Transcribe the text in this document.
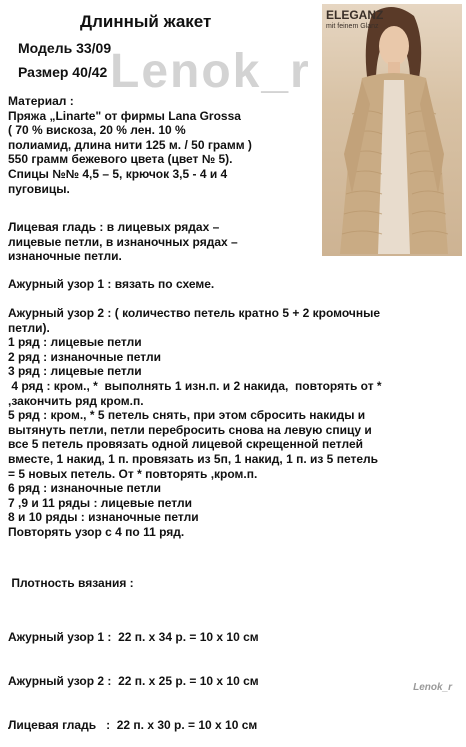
Lenok_r
Длинный жакет
Модель 33/09
Размер 40/42
ELEGANZ
mit feinem Glanz
Материал :
Пряжа „Linarte" от фирмы Lana Grossa
( 70 % вискоза, 20 % лен. 10 %
полиамид, длина нити 125 м. / 50 грамм )
550 грамм бежевого цвета (цвет № 5).
Спицы №№ 4,5 – 5, крючок 3,5 - 4 и 4
пуговицы.
Лицевая гладь : в лицевых рядах –
лицевые петли, в изнаночных рядах –
изнаночные петли.
Ажурный узор 1 : вязать по схеме.
Ажурный узор 2 : ( количество петель кратно 5 + 2 кромочные
петли).
1 ряд : лицевые петли
2 ряд : изнаночные петли
3 ряд : лицевые петли
4 ряд : кром., *  выполнять 1 изн.п. и 2 накида,  повторять от *
,закончить ряд кром.п.
5 ряд : кром., * 5 петель снять, при этом сбросить накиды и
вытянуть петли, петли перебросить снова на левую спицу и
все 5 петель провязать одной лицевой скрещенной петлей
вместе, 1 накид, 1 п. провязать из 5п, 1 накид, 1 п. из 5 петель
= 5 новых петель. От * повторять ,кром.п.
6 ряд : изнаночные петли
7 ,9 и 11 ряды : лицевые петли
8 и 10 ряды : изнаночные петли
Повторять узор с 4 по 11 ряд.
Плотность вязания :

Ажурный узор 1 :  22 п. х 34 р. = 10 х 10 см

Ажурный узор 2 :  22 п. х 25 р. = 10 х 10 см

Лицевая гладь   :  22 п. х 30 р. = 10 х 10 см

Lenok_r
